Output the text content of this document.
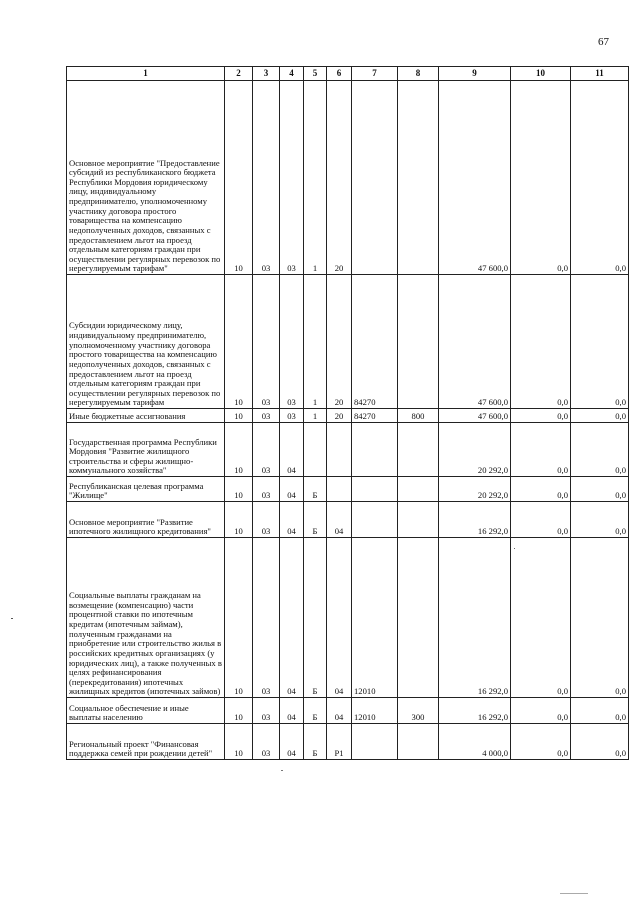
67
1	2	3	4	5	6	7	8	9	10	11
Основное мероприятие "Предоставление субсидий из республиканского бюджета Республики Мордовия юридическому лицу, индивидуальному предпринимателю, уполномоченному участнику договора простого товарищества на компенсацию недополученных доходов, связанных с предоставлением льгот на проезд отдельным категориям граждан при осуществлении регулярных перевозок по нерегулируемым тарифам"	10	03	03	1	20			47 600,0	0,0	0,0
Субсидии юридическому лицу, индивидуальному предпринимателю, уполномоченному участнику договора простого товарищества на компенсацию недополученных доходов, связанных с предоставлением льгот на проезд отдельным категориям граждан при осуществлении регулярных перевозок по нерегулируемым тарифам	10	03	03	1	20	84270		47 600,0	0,0	0,0
Иные бюджетные ассигнования	10	03	03	1	20	84270	800	47 600,0	0,0	0,0
Государственная программа Республики Мордовия "Развитие жилищного строительства и сферы жилищно-коммунального хозяйства"	10	03	04					20 292,0	0,0	0,0
Республиканская целевая программа "Жилище"	10	03	04	Б				20 292,0	0,0	0,0
Основное мероприятие "Развитие ипотечного жилищного кредитования"	10	03	04	Б	04			16 292,0	0,0	0,0
Социальные выплаты гражданам на возмещение (компенсацию) части процентной ставки по ипотечным кредитам (ипотечным займам), полученным гражданами на приобретение или строительство жилья в российских кредитных организациях (у юридических лиц), а также полученных в целях рефинансирования (перекредитования) ипотечных жилищных кредитов (ипотечных займов)	10	03	04	Б	04	12010		16 292,0	0,0	0,0
Социальное обеспечение и иные выплаты населению	10	03	04	Б	04	12010	300	16 292,0	0,0	0,0
Региональный проект "Финансовая поддержка семей при рождении детей"	10	03	04	Б	P1			4 000,0	0,0	0,0
